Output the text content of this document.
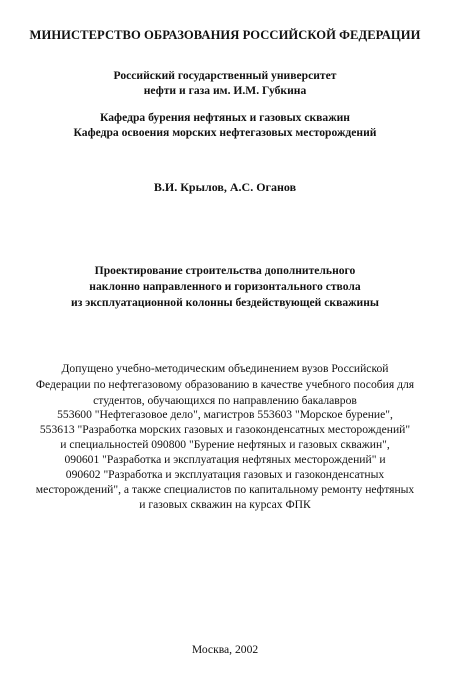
МИНИСТЕРСТВО ОБРАЗОВАНИЯ РОССИЙСКОЙ ФЕДЕРАЦИИ
Российский государственный университет
нефти и газа им. И.М. Губкина
Кафедра бурения нефтяных и газовых скважин
Кафедра освоения морских нефтегазовых месторождений
В.И. Крылов, А.С. Оганов
Проектирование строительства дополнительного
наклонно направленного и горизонтального ствола
из эксплуатационной колонны бездействующей скважины
Допущено учебно-методическим объединением вузов Российской
Федерации по нефтегазовому образованию в качестве учебного пособия для
студентов, обучающихся по направлению бакалавров
553600 "Нефтегазовое дело", магистров 553603 "Морское бурение",
553613 "Разработка морских газовых и газоконденсатных месторождений"
и специальностей 090800 "Бурение нефтяных и газовых скважин",
090601 "Разработка и эксплуатация нефтяных месторождений" и
090602 "Разработка и эксплуатация газовых и газоконденсатных
месторождений", а также специалистов по капитальному ремонту нефтяных
и газовых скважин на курсах ФПК
Москва, 2002
